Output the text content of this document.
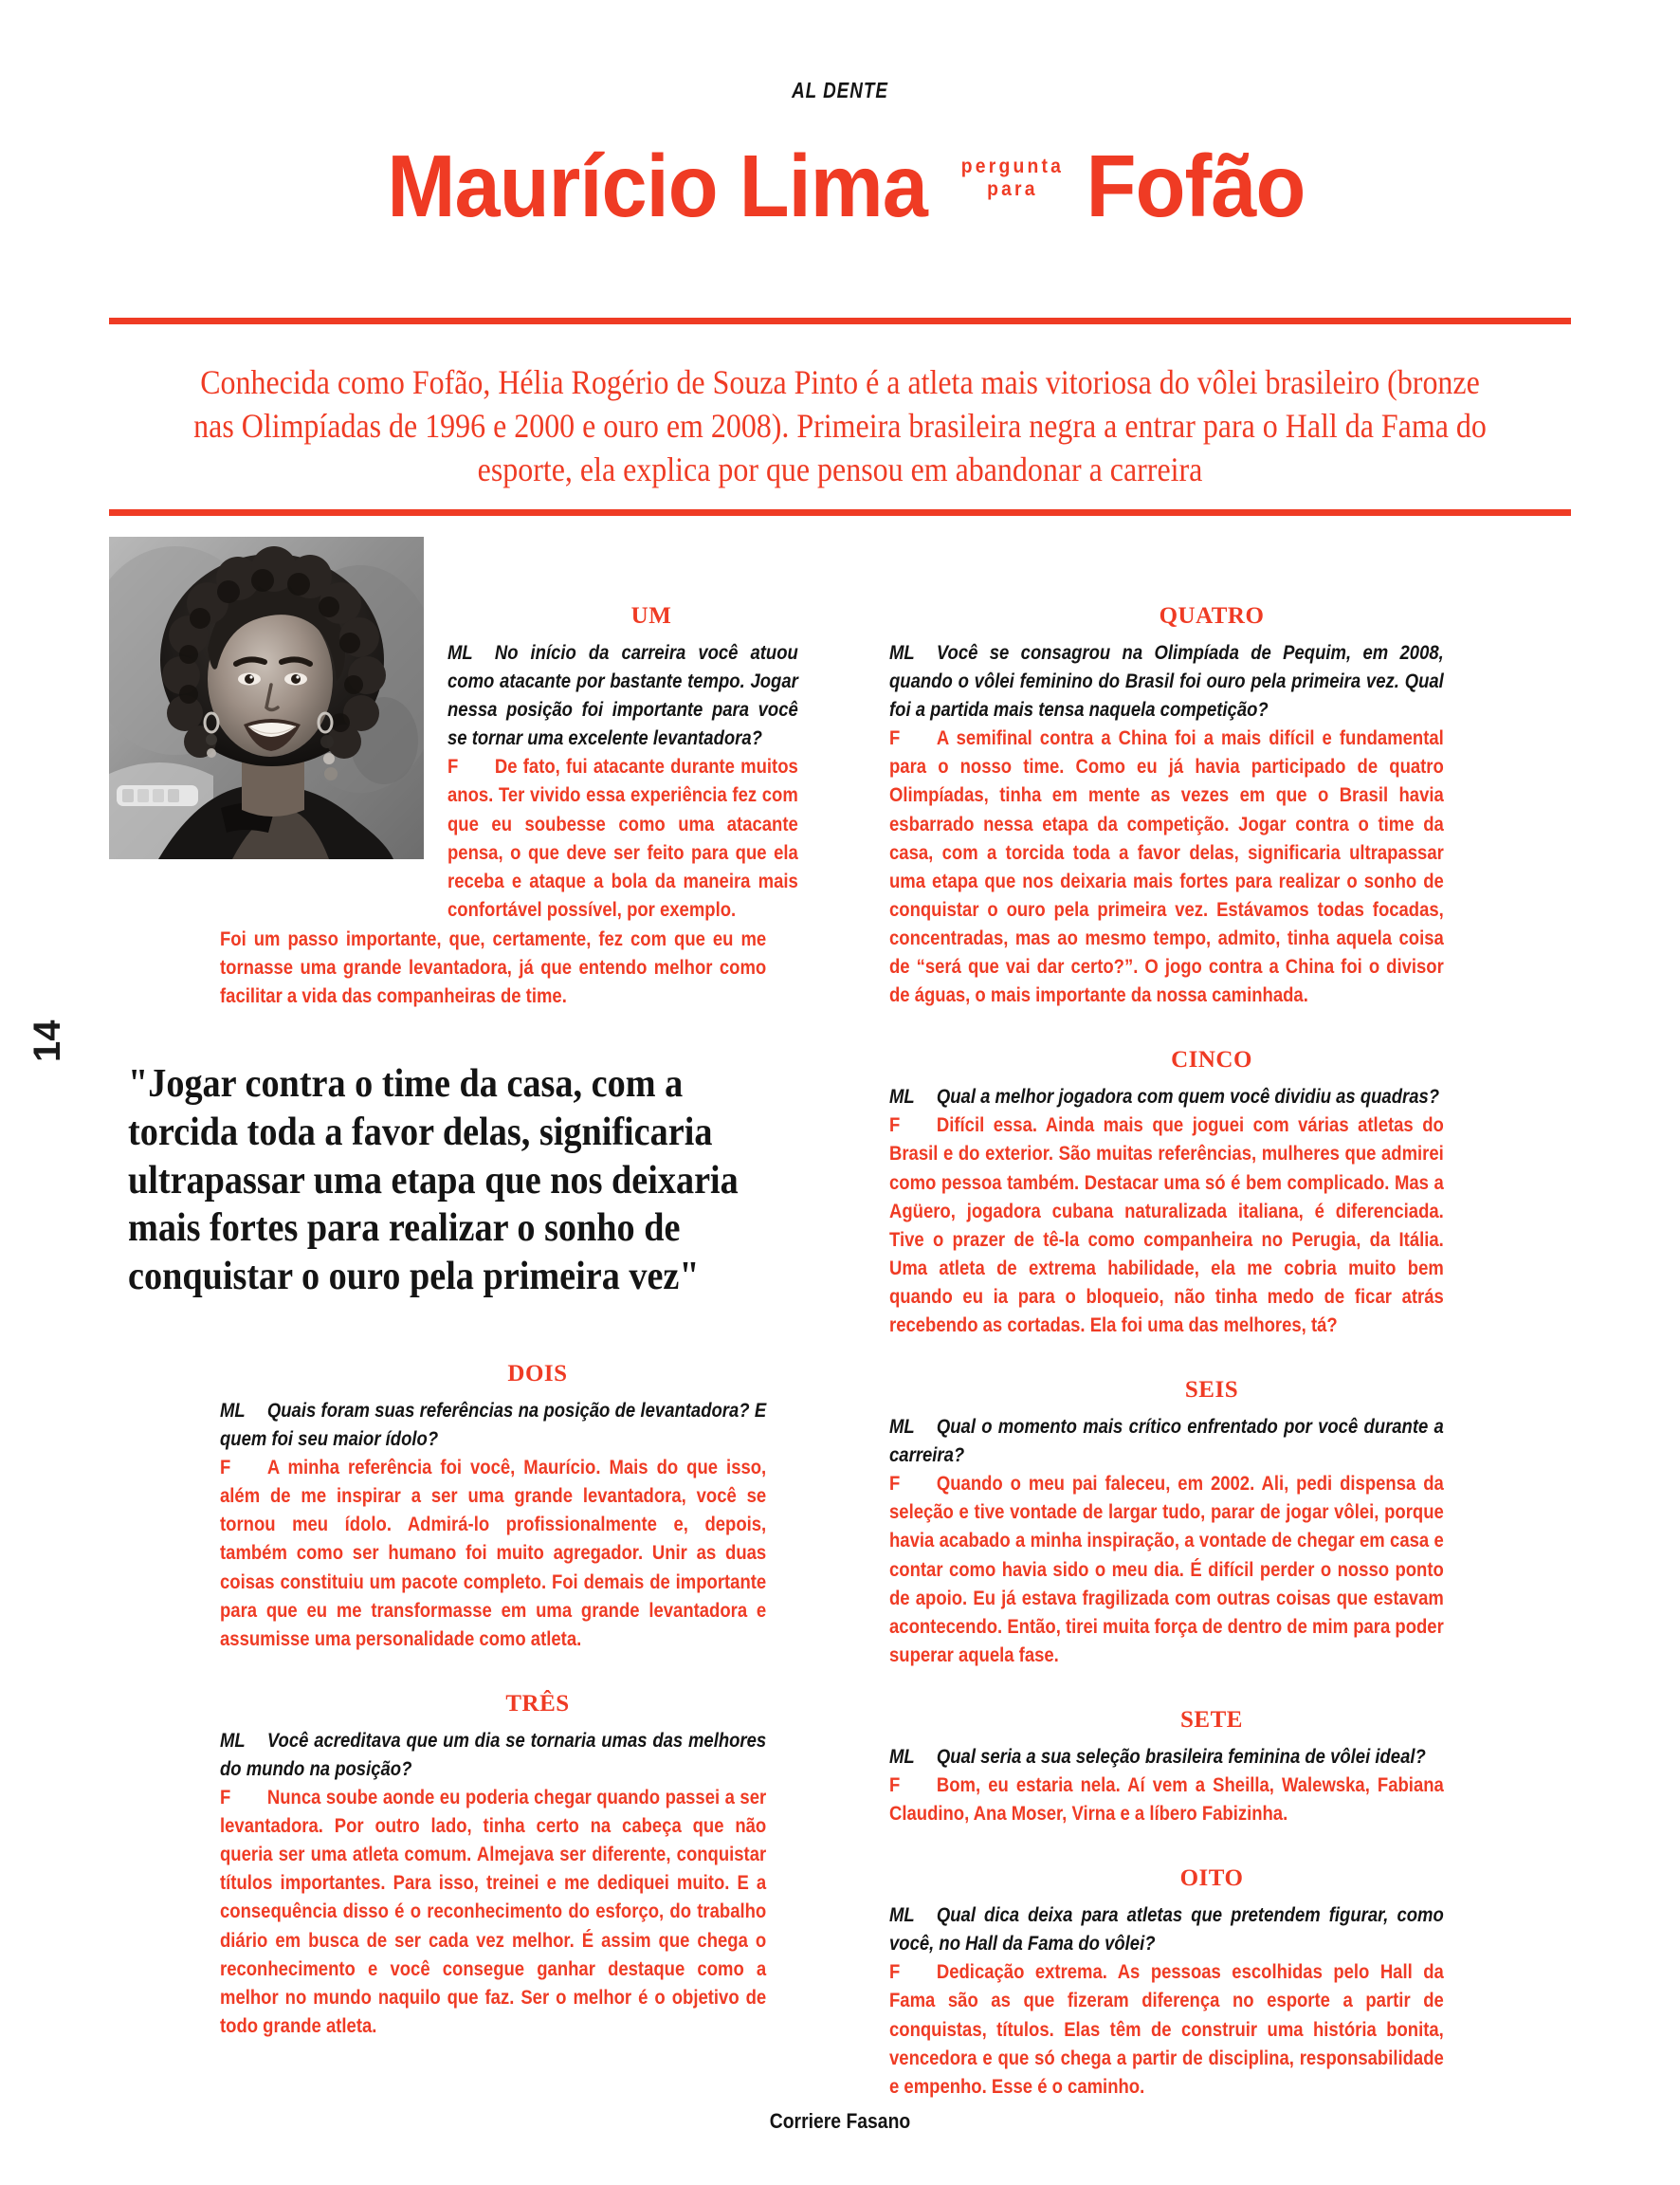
AL DENTE
Maurício Lima pergunta
para Fofão
Conhecida como Fofão, Hélia Rogério de Souza Pinto é a atleta mais vitoriosa do vôlei brasileiro (bronze nas Olimpíadas de 1996 e 2000 e ouro em 2008). Primeira brasileira negra a entrar para o Hall da Fama do esporte, ela explica por que pensou em abandonar a carreira
14
UM

ML No início da carreira você atuou como atacante por bastante tempo. Jogar nessa posição foi importante para você se tornar uma excelente levantadora?

F De fato, fui atacante durante muitos anos. Ter vivido essa experiência fez com que eu soubesse como uma atacante pensa, o que deve ser feito para que ela receba e ataque a bola da maneira mais confortável possível, por exemplo.

Foi um passo importante, que, certamente, fez com que eu me tornasse uma grande levantadora, já que entendo melhor como facilitar a vida das companheiras de time.

"Jogar contra o time da casa, com a torcida toda a favor delas, significaria ultrapassar uma etapa que nos deixaria mais fortes para realizar o sonho de conquistar o ouro pela primeira vez"
DOIS

ML Quais foram suas referências na posição de levantadora? E quem foi seu maior ídolo?

F A minha referência foi você, Maurício. Mais do que isso, além de me inspirar a ser uma grande levantadora, você se tornou meu ídolo. Admirá-lo profissionalmente e, depois, também como ser humano foi muito agregador. Unir as duas coisas constituiu um pacote completo. Foi demais de importante para que eu me transformasse em uma grande levantadora e assumisse uma personalidade como atleta.

TRÊS

ML Você acreditava que um dia se tornaria umas das melhores do mundo na posição?

F Nunca soube aonde eu poderia chegar quando passei a ser levantadora. Por outro lado, tinha certo na cabeça que não queria ser uma atleta comum. Almejava ser diferente, conquistar títulos importantes. Para isso, treinei e me dediquei muito. E a consequência disso é o reconhecimento do esforço, do trabalho diário em busca de ser cada vez melhor. É assim que chega o reconhecimento e você consegue ganhar destaque como a melhor no mundo naquilo que faz. Ser o melhor é o objetivo de todo grande atleta.

QUATRO

ML Você se consagrou na Olimpíada de Pequim, em 2008, quando o vôlei feminino do Brasil foi ouro pela primeira vez. Qual foi a partida mais tensa naquela competição?

F A semifinal contra a China foi a mais difícil e fundamental para o nosso time. Como eu já havia participado de quatro Olimpíadas, tinha em mente as vezes em que o Brasil havia esbarrado nessa etapa da competição. Jogar contra o time da casa, com a torcida toda a favor delas, significaria ultrapassar uma etapa que nos deixaria mais fortes para realizar o sonho de conquistar o ouro pela primeira vez. Estávamos todas focadas, concentradas, mas ao mesmo tempo, admito, tinha aquela coisa de “será que vai dar certo?”. O jogo contra a China foi o divisor de águas, o mais importante da nossa caminhada.

CINCO

ML Qual a melhor jogadora com quem você dividiu as quadras?

F Difícil essa. Ainda mais que joguei com várias atletas do Brasil e do exterior. São muitas referências, mulheres que admirei como pessoa também. Destacar uma só é bem complicado. Mas a Agüero, jogadora cubana naturalizada italiana, é diferenciada. Tive o prazer de tê-la como companheira no Perugia, da Itália. Uma atleta de extrema habilidade, ela me cobria muito bem quando eu ia para o bloqueio, não tinha medo de ficar atrás recebendo as cortadas. Ela foi uma das melhores, tá?

SEIS

ML Qual o momento mais crítico enfrentado por você durante a carreira?

F Quando o meu pai faleceu, em 2002. Ali, pedi dispensa da seleção e tive vontade de largar tudo, parar de jogar vôlei, porque havia acabado a minha inspiração, a vontade de chegar em casa e contar como havia sido o meu dia. É difícil perder o nosso ponto de apoio. Eu já estava fragilizada com outras coisas que estavam acontecendo. Então, tirei muita força de dentro de mim para poder superar aquela fase.

SETE

ML Qual seria a sua seleção brasileira feminina de vôlei ideal?

F Bom, eu estaria nela. Aí vem a Sheilla, Walewska, Fabiana Claudino, Ana Moser, Virna e a líbero Fabizinha.

OITO

ML Qual dica deixa para atletas que pretendem figurar, como você, no Hall da Fama do vôlei?

F Dedicação extrema. As pessoas escolhidas pelo Hall da Fama são as que fizeram diferença no esporte a partir de conquistas, títulos. Elas têm de construir uma história bonita, vencedora e que só chega a partir de disciplina, responsabilidade e empenho. Esse é o caminho.

Corriere Fasano
